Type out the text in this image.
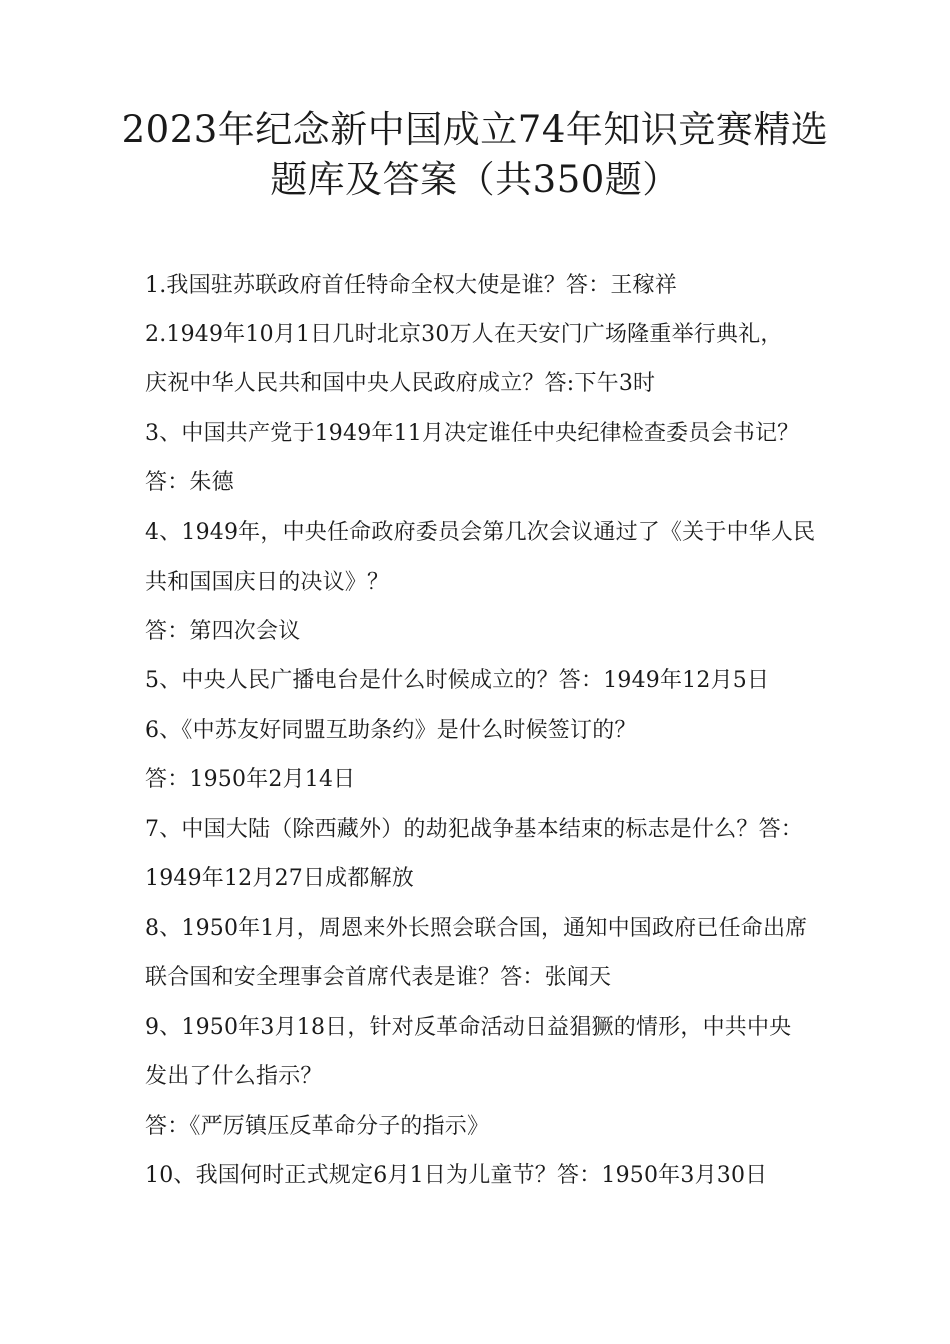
2023年纪念新中国成立74年知识竞赛精选
题库及答案（共350题）
1.我国驻苏联政府首任特命全权大使是谁？答：王稼祥
2.1949年10月1日几时北京30万人在天安门广场隆重举行典礼，
庆祝中华人民共和国中央人民政府成立？答:下午3时
3、中国共产党于1949年11月决定谁任中央纪律检查委员会书记？
答：朱德
4、1949年，中央任命政府委员会第几次会议通过了《关于中华人民
共和国国庆日的决议》？
答：第四次会议
5、中央人民广播电台是什么时候成立的？答：1949年12月5日
6、《中苏友好同盟互助条约》是什么时候签订的？
答：1950年2月14日
7、中国大陆（除西藏外）的劫犯战争基本结束的标志是什么？答：
1949年12月27日成都解放
8、1950年1月，周恩来外长照会联合国，通知中国政府已任命出席
联合国和安全理事会首席代表是谁？答：张闻天
9、1950年3月18日，针对反革命活动日益猖獗的情形，中共中央
发出了什么指示？
答：《严厉镇压反革命分子的指示》
10、我国何时正式规定6月1日为儿童节？答：1950年3月30日
